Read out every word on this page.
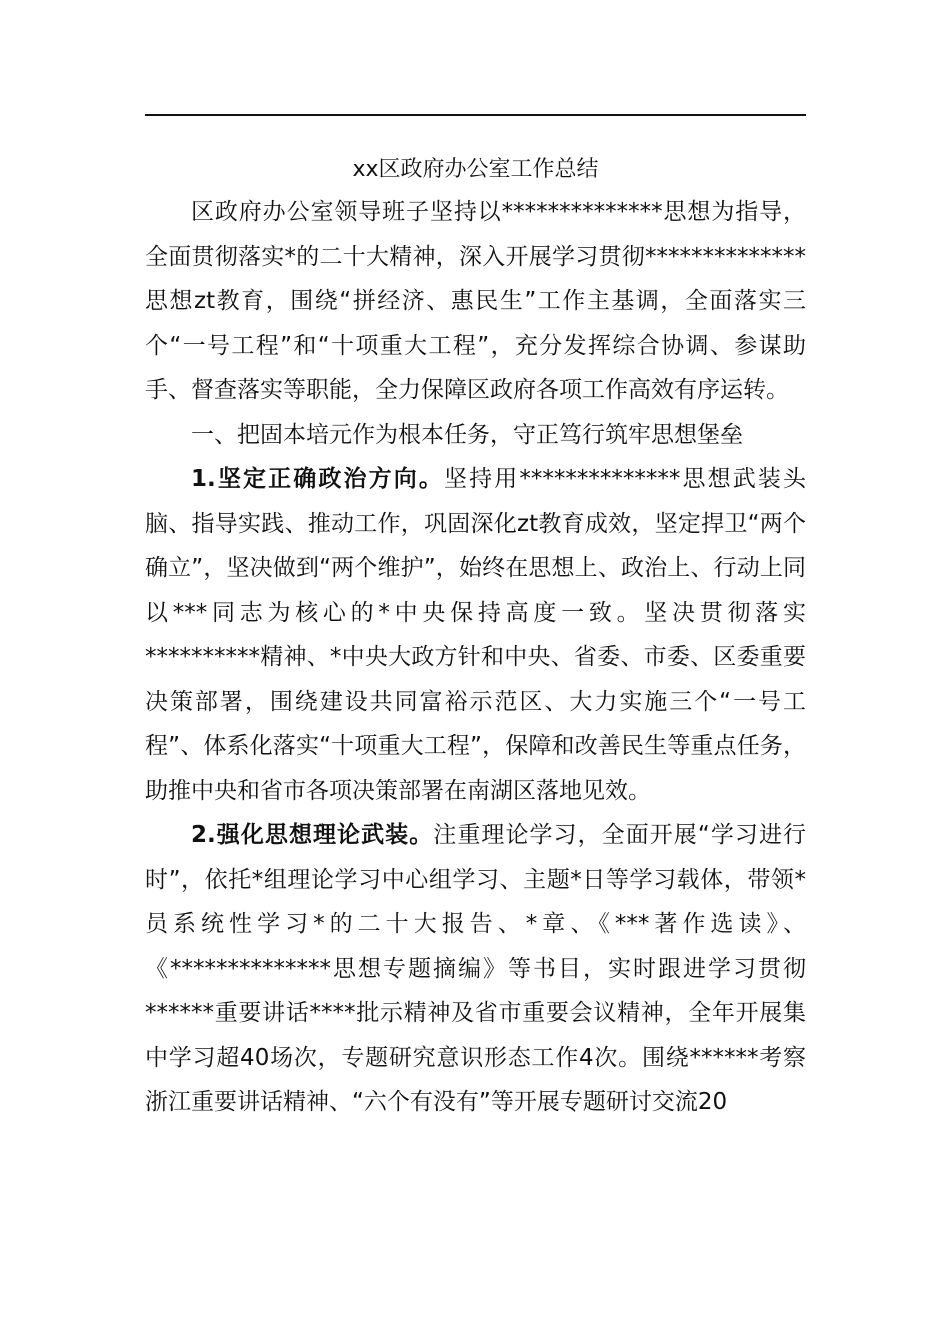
xx区政府办公室工作总结

区政府办公室领导班子坚持以**************思想为指导，全面贯彻落实*的二十大精神，深入开展学习贯彻**************思想zt教育，围绕“拼经济、惠民生”工作主基调，全面落实三个“一号工程”和“十项重大工程”，充分发挥综合协调、参谋助手、督查落实等职能，全力保障区政府各项工作高效有序运转。

一、把固本培元作为根本任务，守正笃行筑牢思想堡垒

1.坚定正确政治方向。坚持用**************思想武装头脑、指导实践、推动工作，巩固深化zt教育成效，坚定捍卫“两个确立”，坚决做到“两个维护”，始终在思想上、政治上、行动上同以***同志为核心的*中央保持高度一致。坚决贯彻落实**********精神、*中央大政方针和中央、省委、市委、区委重要决策部署，围绕建设共同富裕示范区、大力实施三个“一号工程”、体系化落实“十项重大工程”，保障和改善民生等重点任务，助推中央和省市各项决策部署在南湖区落地见效。

2.强化思想理论武装。注重理论学习，全面开展“学习进行时”，依托*组理论学习中心组学习、主题*日等学习载体，带领*员系统性学习*的二十大报告、*章、《***著作选读》、《**************思想专题摘编》等书目，实时跟进学习贯彻******重要讲话****批示精神及省市重要会议精神，全年开展集中学习超40场次，专题研究意识形态工作4次。围绕******考察浙江重要讲话精神、“六个有没有”等开展专题研讨交流20
